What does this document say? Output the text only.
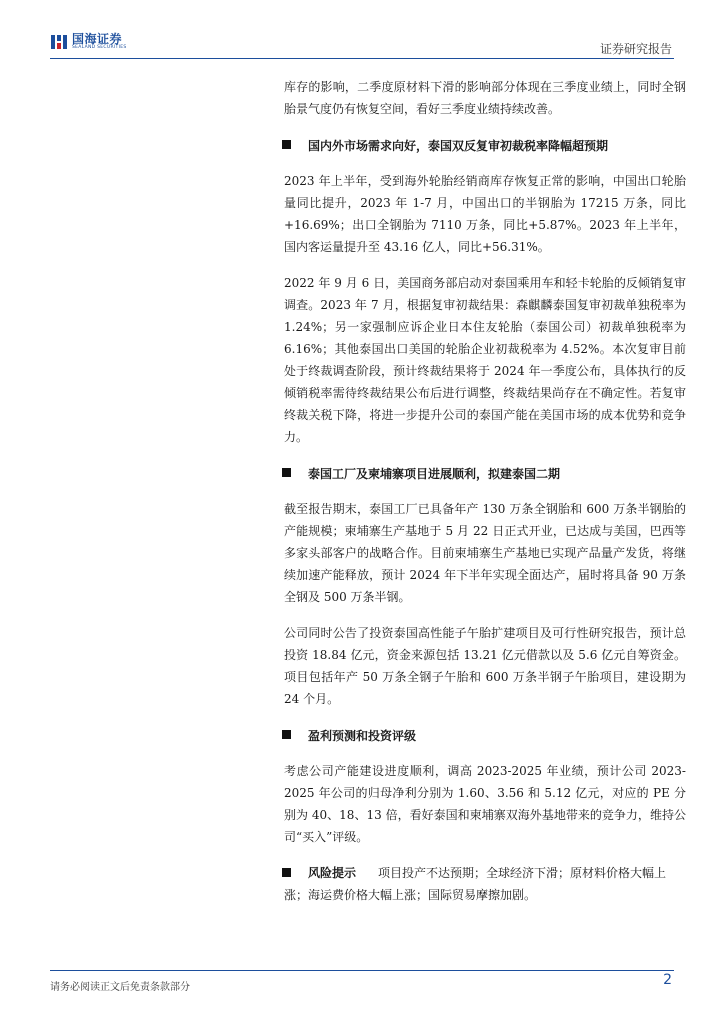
国海证券
SEALAND SECURITIES	证券研究报告

库存的影响，二季度原材料下滑的影响部分体现在三季度业绩上，同时全钢胎景气度仍有恢复空间，看好三季度业绩持续改善。

国内外市场需求向好，泰国双反复审初裁税率降幅超预期

2023 年上半年，受到海外轮胎经销商库存恢复正常的影响，中国出口轮胎量同比提升，2023 年 1-7 月，中国出口的半钢胎为 17215 万条，同比+16.69%；出口全钢胎为 7110 万条，同比+5.87%。2023 年上半年，国内客运量提升至 43.16 亿人，同比+56.31%。

2022 年 9 月 6 日，美国商务部启动对泰国乘用车和轻卡轮胎的反倾销复审调查。2023 年 7 月，根据复审初裁结果：森麒麟泰国复审初裁单独税率为 1.24%；另一家强制应诉企业日本住友轮胎（泰国公司）初裁单独税率为 6.16%；其他泰国出口美国的轮胎企业初裁税率为 4.52%。本次复审目前处于终裁调查阶段，预计终裁结果将于 2024 年一季度公布，具体执行的反倾销税率需待终裁结果公布后进行调整，终裁结果尚存在不确定性。若复审终裁关税下降，将进一步提升公司的泰国产能在美国市场的成本优势和竞争力。

泰国工厂及柬埔寨项目进展顺利，拟建泰国二期

截至报告期末，泰国工厂已具备年产 130 万条全钢胎和 600 万条半钢胎的产能规模；柬埔寨生产基地于 5 月 22 日正式开业，已达成与美国，巴西等多家头部客户的战略合作。目前柬埔寨生产基地已实现产品量产发货，将继续加速产能释放，预计 2024 年下半年实现全面达产，届时将具备 90 万条全钢及 500 万条半钢。

公司同时公告了投资泰国高性能子午胎扩建项目及可行性研究报告，预计总投资 18.84 亿元，资金来源包括 13.21 亿元借款以及 5.6 亿元自筹资金。项目包括年产 50 万条全钢子午胎和 600 万条半钢子午胎项目，建设期为 24 个月。

盈利预测和投资评级

考虑公司产能建设进度顺利，调高 2023-2025 年业绩，预计公司 2023-2025 年公司的归母净利分别为 1.60、3.56 和 5.12 亿元，对应的 PE 分别为 40、18、13 倍，看好泰国和柬埔寨双海外基地带来的竞争力，维持公司“买入”评级。

风险提示 项目投产不达预期；全球经济下滑；原材料价格大幅上涨；海运费价格大幅上涨；国际贸易摩擦加剧。

请务必阅读正文后免责条款部分	2
